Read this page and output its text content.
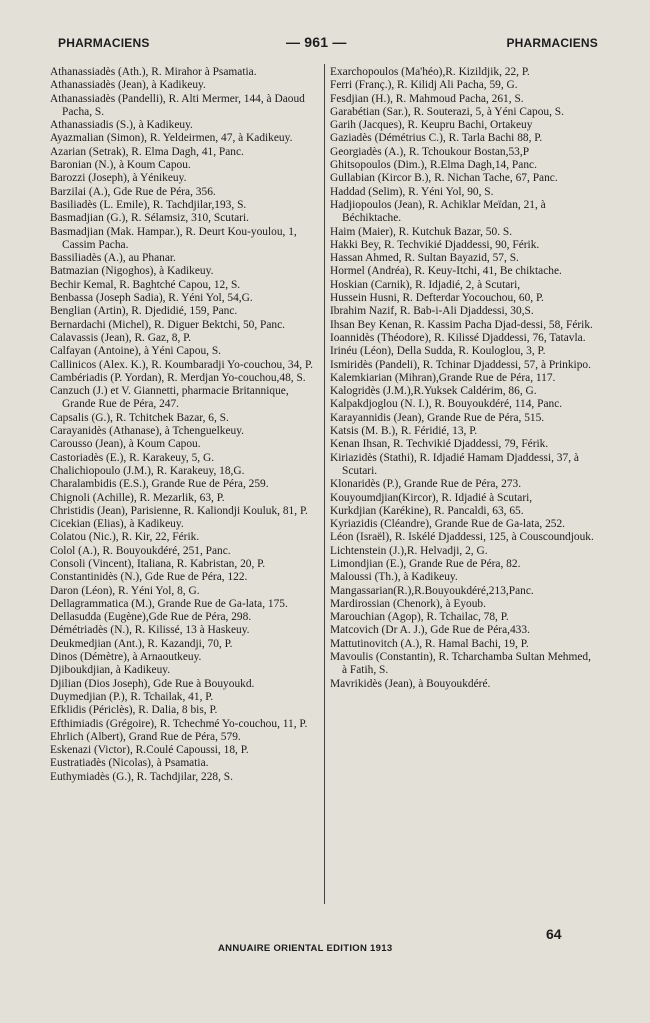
PHARMACIENS	— 961 —	PHARMACIENS

Athanassiadès (Ath.), R. Mirahor à Psamatia.

Athanassiadès (Jean), à Kadikeuy.

Athanassiadès (Pandelli), R. Alti Mermer, 144, à Daoud Pacha, S.

Athanassiadis (S.), à Kadikeuy.

Ayazmalian (Simon), R. Yeldeirmen, 47, à Kadikeuy.

Azarian (Setrak), R. Elma Dagh, 41, Panc.

Baronian (N.), à Koum Capou.

Barozzi (Joseph), à Yénikeuy.

Barzilai (A.), Gde Rue de Péra, 356.

Basiliadès (L. Emile), R. Tachdjilar,193, S.

Basmadjian (G.), R. Sélamsiz, 310, Scutari.

Basmadjian (Mak. Hampar.), R. Deurt Kou-youlou, 1, Cassim Pacha.

Bassiliadès (A.), au Phanar.

Batmazian (Nigoghos), à Kadikeuy.

Bechir Kemal, R. Baghtché Capou, 12, S.

Benbassa (Joseph Sadia), R. Yéni Yol, 54,G.

Benglian (Artin), R. Djedidié, 159, Panc.

Bernardachi (Michel), R. Diguer Bektchi, 50, Panc.

Calavassis (Jean), R. Gaz, 8, P.

Calfayan (Antoine), à Yéni Capou, S.

Callinicos (Alex. K.), R. Koumbaradji Yo-couchou, 34, P.

Cambériadis (P. Yordan), R. Merdjan Yo-couchou,48, S.

Canzuch (J.) et V. Giannetti, pharmacie Britannique, Grande Rue de Péra, 247.

Capsalis (G.), R. Tchitchek Bazar, 6, S.

Carayanidès (Athanase), à Tchenguelkeuy.

Carousso (Jean), à Koum Capou.

Castoriadès (E.), R. Karakeuy, 5, G.

Chalichiopoulo (J.M.), R. Karakeuy, 18,G.

Charalambidis (E.S.), Grande Rue de Péra, 259.

Chignoli (Achille), R. Mezarlik, 63, P.

Christidis (Jean), Parisienne, R. Kaliondji Kouluk, 81, P.

Cicekian (Elias), à Kadikeuy.

Colatou (Nic.), R. Kir, 22, Férik.

Colol (A.), R. Bouyoukdéré, 251, Panc.

Consoli (Vincent), Italiana, R. Kabristan, 20, P.

Constantinidès (N.), Gde Rue de Péra, 122.

Daron (Léon), R. Yéni Yol, 8, G.

Dellagrammatica (M.), Grande Rue de Ga-lata, 175.

Dellasudda (Eugène),Gde Rue de Péra, 298.

Démétriadès (N.), R. Kilissé, 13 à Haskeuy.

Deukmedjian (Ant.), R. Kazandji, 70, P.

Dinos (Démètre), à Arnaoutkeuy.

Djiboukdjian, à Kadikeuy.

Djilian (Dios Joseph), Gde Rue à Bouyoukd.

Duymedjian (P.), R. Tchailak, 41, P.

Efklidis (Périclès), R. Dalia, 8 bis, P.

Efthimiadis (Grégoire), R. Tchechmé Yo-couchou, 11, P.

Ehrlich (Albert), Grand Rue de Péra, 579.

Eskenazi (Victor), R.Coulé Capoussi, 18, P.

Eustratiadès (Nicolas), à Psamatia.

Euthymiadès (G.), R. Tachdjilar, 228, S.

Exarchopoulos (Ma'héo),R. Kizildjik, 22, P.

Ferri (Franç.), R. Kilidj Ali Pacha, 59, G.

Fesdjian (H.), R. Mahmoud Pacha, 261, S.

Garabétian (Sar.), R. Souterazi, 5, à Yéni Capou, S.

Garih (Jacques), R. Keupru Bachi, Ortakeuy

Gaziadès (Démétrius C.), R. Tarla Bachi 88, P.

Georgiadès (A.), R. Tchoukour Bostan,53,P

Ghitsopoulos (Dim.), R.Elma Dagh,14, Panc.

Gullabian (Kircor B.), R. Nichan Tache, 67, Panc.

Haddad (Selim), R. Yéni Yol, 90, S.

Hadjiopoulos (Jean), R. Achiklar Meïdan, 21, à Béchiktache.

Haim (Maier), R. Kutchuk Bazar, 50. S.

Hakki Bey, R. Techvikié Djaddessi, 90, Férik.

Hassan Ahmed, R. Sultan Bayazid, 57, S.

Hormel (Andréa), R. Keuy-Itchi, 41, Be chiktache.

Hoskian (Carnik), R. Idjadié, 2, à Scutari,

Hussein Husni, R. Defterdar Yocouchou, 60, P.

Ibrahim Nazif, R. Bab-i-Ali Djaddessi, 30,S.

Ihsan Bey Kenan, R. Kassim Pacha Djad-dessi, 58, Férik.

Ioannidès (Théodore), R. Kilissé Djaddessi, 76, Tatavla.

Irinéu (Léon), Della Sudda, R. Kouloglou, 3, P.

Ismiridès (Pandeli), R. Tchinar Djaddessi, 57, à Prinkipo.

Kalemkiarian (Mihran),Grande Rue de Péra, 117.

Kalogridès (J.M.),R.Yuksek Caldérim, 86, G.

Kalpakdjoglou (N. I.), R. Bouyoukdéré, 114, Panc.

Karayannidis (Jean), Grande Rue de Péra, 515.

Katsis (M. B.), R. Féridié, 13, P.

Kenan Ihsan, R. Techvikié Djaddessi, 79, Férik.

Kiriazidès (Stathi), R. Idjadié Hamam Djaddessi, 37, à Scutari.

Klonaridès (P.), Grande Rue de Péra, 273.

Kouyoumdjian(Kircor), R. Idjadié à Scutari,

Kurkdjian (Karékine), R. Pancaldi, 63, 65.

Kyriazidis (Cléandre), Grande Rue de Ga-lata, 252.

Léon (Israël), R. Iskélé Djaddessi, 125, à Couscoundjouk.

Lichtenstein (J.),R. Helvadji, 2, G.

Limondjian (E.), Grande Rue de Péra, 82.

Maloussi (Th.), à Kadikeuy.

Mangassarian(R.),R.Bouyoukdéré,213,Panc.

Mardirossian (Chenork), à Eyoub.

Marouchian (Agop), R. Tchailac, 78, P.

Matcovich (Dr A. J.), Gde Rue de Péra,433.

Mattutinovitch (A.), R. Hamal Bachi, 19, P.

Mavoulis (Constantin), R. Tcharchamba Sultan Mehmed, à Fatih, S.

Mavrikidès (Jean), à Bouyoukdéré.

64
ANNUAIRE ORIENTAL EDITION 1913
